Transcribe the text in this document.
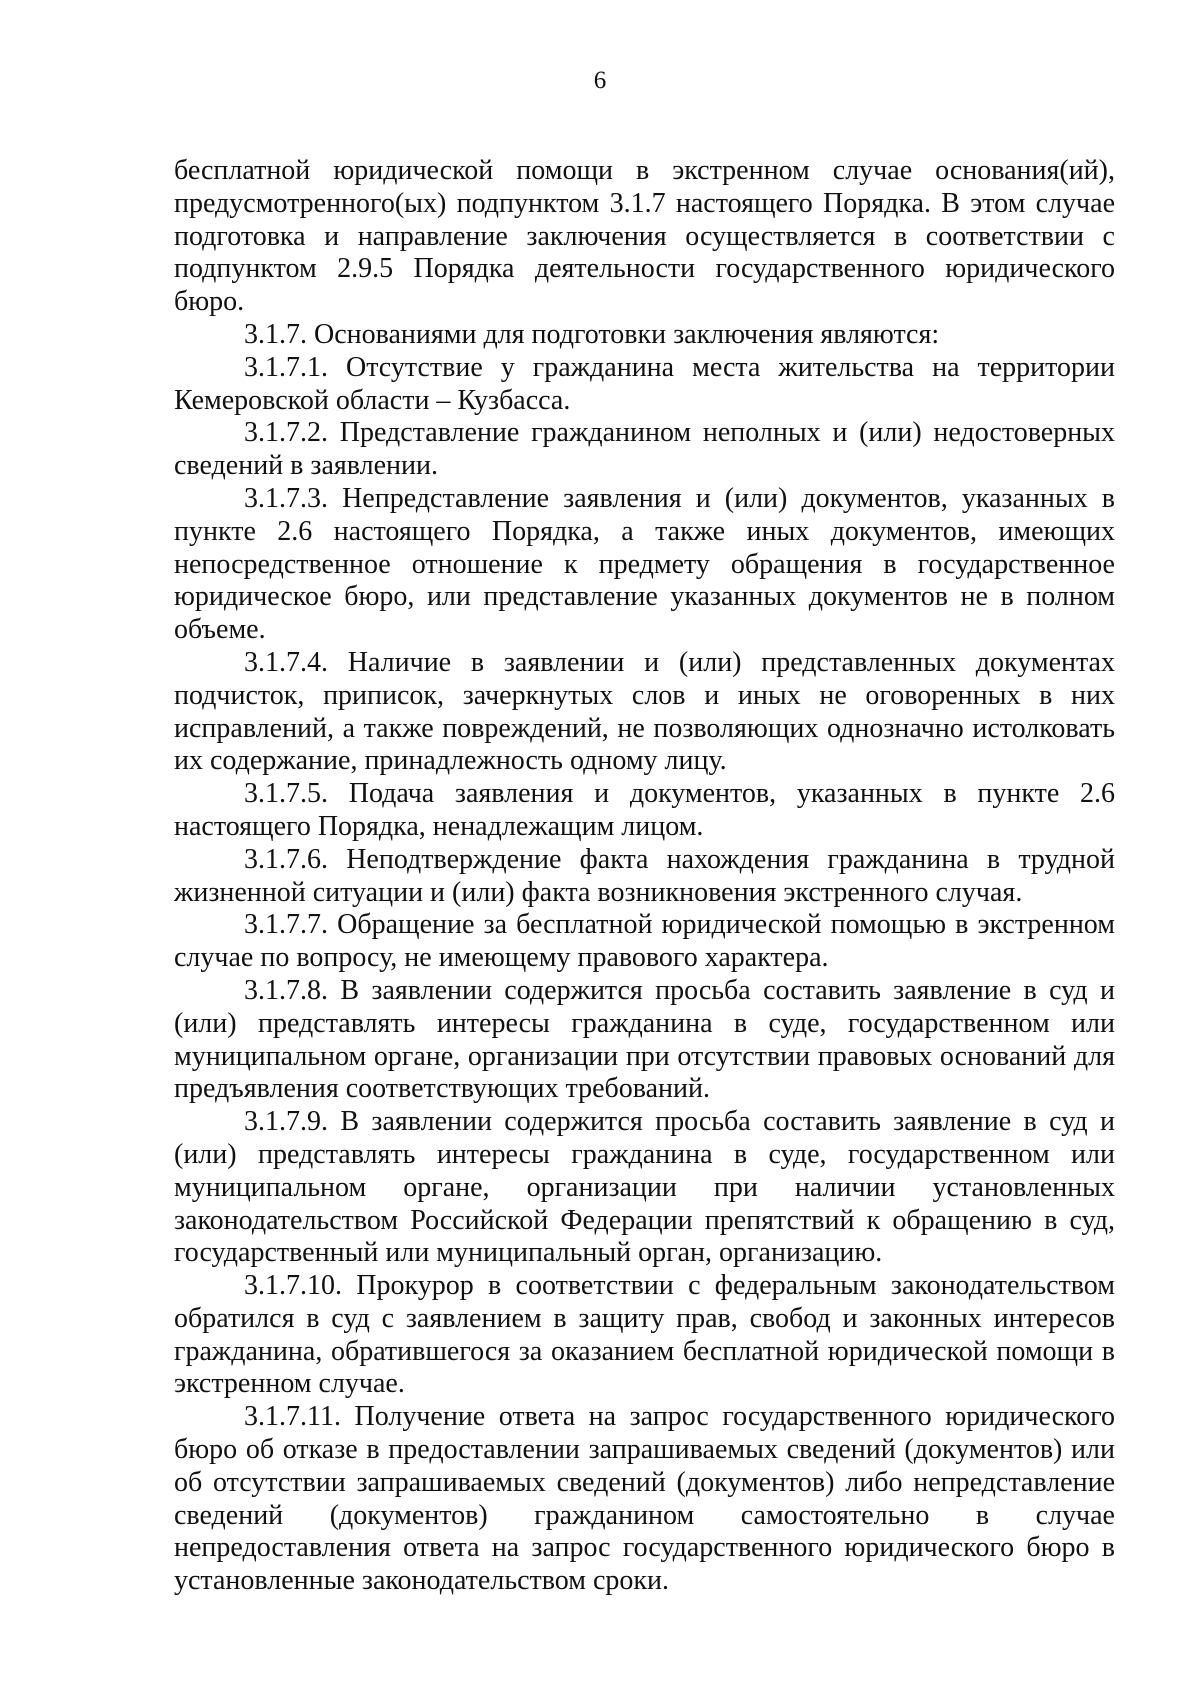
6

бесплатной юридической помощи в экстренном случае основания(ий), предусмотренного(ых) подпунктом 3.1.7 настоящего Порядка. В этом случае подготовка и направление заключения осуществляется в соответствии с подпунктом 2.9.5 Порядка деятельности государственного юридического бюро.

3.1.7. Основаниями для подготовки заключения являются:

3.1.7.1. Отсутствие у гражданина места жительства на территории Кемеровской области – Кузбасса.

3.1.7.2. Представление гражданином неполных и (или) недостоверных сведений в заявлении.

3.1.7.3. Непредставление заявления и (или) документов, указанных в пункте 2.6 настоящего Порядка, а также иных документов, имеющих непосредственное отношение к предмету обращения в государственное юридическое бюро, или представление указанных документов не в полном объеме.

3.1.7.4. Наличие в заявлении и (или) представленных документах подчисток, приписок, зачеркнутых слов и иных не оговоренных в них исправлений, а также повреждений, не позволяющих однозначно истолковать их содержание, принадлежность одному лицу.

3.1.7.5. Подача заявления и документов, указанных в пункте 2.6 настоящего Порядка, ненадлежащим лицом.

3.1.7.6. Неподтверждение факта нахождения гражданина в трудной жизненной ситуации и (или) факта возникновения экстренного случая.

3.1.7.7. Обращение за бесплатной юридической помощью в экстренном случае по вопросу, не имеющему правового характера.

3.1.7.8. В заявлении содержится просьба составить заявление в суд и (или) представлять интересы гражданина в суде, государственном или муниципальном органе, организации при отсутствии правовых оснований для предъявления соответствующих требований.

3.1.7.9. В заявлении содержится просьба составить заявление в суд и (или) представлять интересы гражданина в суде, государственном или муниципальном органе, организации при наличии установленных законодательством Российской Федерации препятствий к обращению в суд, государственный или муниципальный орган, организацию.

3.1.7.10. Прокурор в соответствии с федеральным законодательством обратился в суд с заявлением в защиту прав, свобод и законных интересов гражданина, обратившегося за оказанием бесплатной юридической помощи в экстренном случае.

3.1.7.11. Получение ответа на запрос государственного юридического бюро об отказе в предоставлении запрашиваемых сведений (документов) или об отсутствии запрашиваемых сведений (документов) либо непредставление сведений (документов) гражданином самостоятельно в случае непредоставления ответа на запрос государственного юридического бюро в установленные законодательством сроки.
